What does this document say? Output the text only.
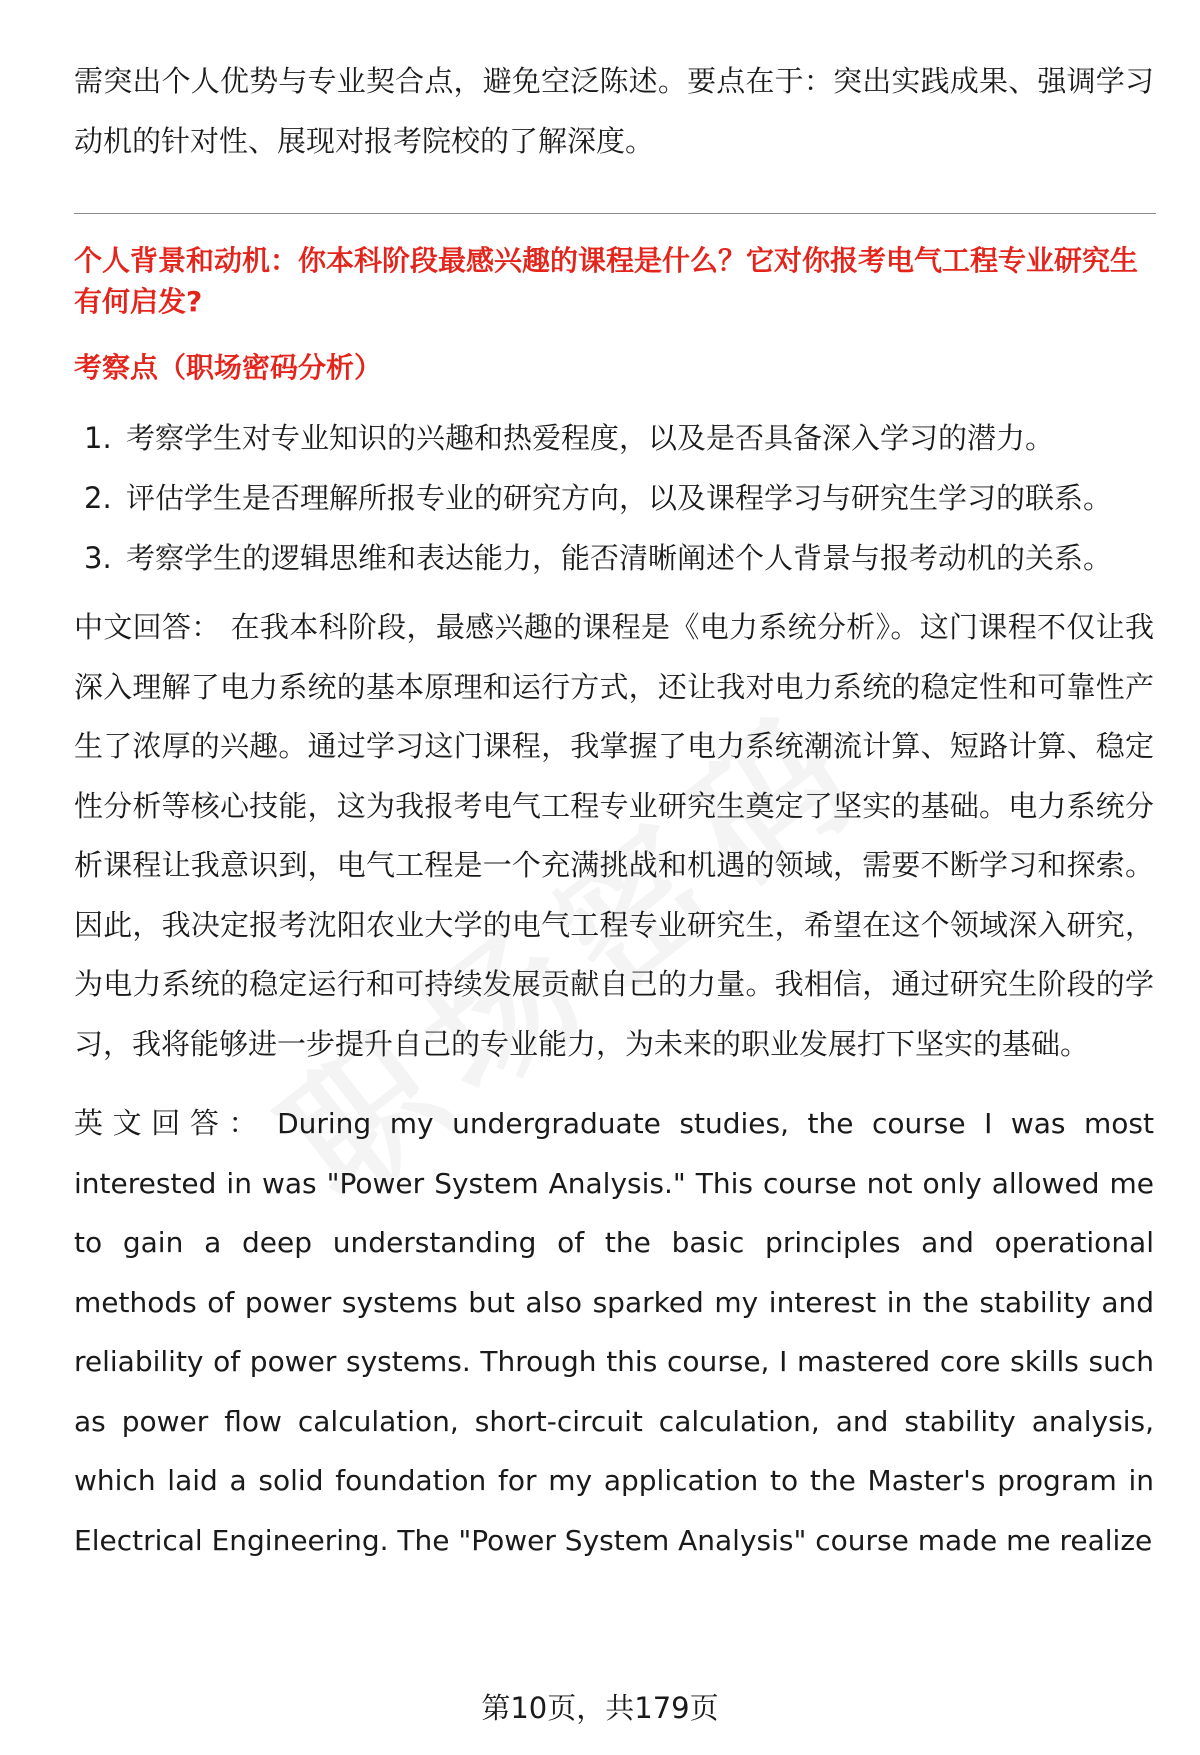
需突出个人优势与专业契合点，避免空泛陈述。要点在于：突出实践成果、强调学习动机的针对性、展现对报考院校的了解深度。

个人背景和动机：你本科阶段最感兴趣的课程是什么？它对你报考电气工程专业研究生有何启发?

考察点（职场密码分析）

1. 考察学生对专业知识的兴趣和热爱程度，以及是否具备深入学习的潜力。
2. 评估学生是否理解所报专业的研究方向，以及课程学习与研究生学习的联系。
3. 考察学生的逻辑思维和表达能力，能否清晰阐述个人背景与报考动机的关系。

中文回答： 在我本科阶段，最感兴趣的课程是《电力系统分析》。这门课程不仅让我深入理解了电力系统的基本原理和运行方式，还让我对电力系统的稳定性和可靠性产生了浓厚的兴趣。通过学习这门课程，我掌握了电力系统潮流计算、短路计算、稳定性分析等核心技能，这为我报考电气工程专业研究生奠定了坚实的基础。电力系统分析课程让我意识到，电气工程是一个充满挑战和机遇的领域，需要不断学习和探索。因此，我决定报考沈阳农业大学的电气工程专业研究生，希望在这个领域深入研究，为电力系统的稳定运行和可持续发展贡献自己的力量。我相信，通过研究生阶段的学习，我将能够进一步提升自己的专业能力，为未来的职业发展打下坚实的基础。

英文回答： During my undergraduate studies, the course I was most interested in was "Power System Analysis." This course not only allowed me to gain a deep understanding of the basic principles and operational methods of power systems but also sparked my interest in the stability and reliability of power systems. Through this course, I mastered core skills such as power flow calculation, short-circuit calculation, and stability analysis, which laid a solid foundation for my application to the Master's program in Electrical Engineering. The "Power System Analysis" course made me realize

第10页，共179页
